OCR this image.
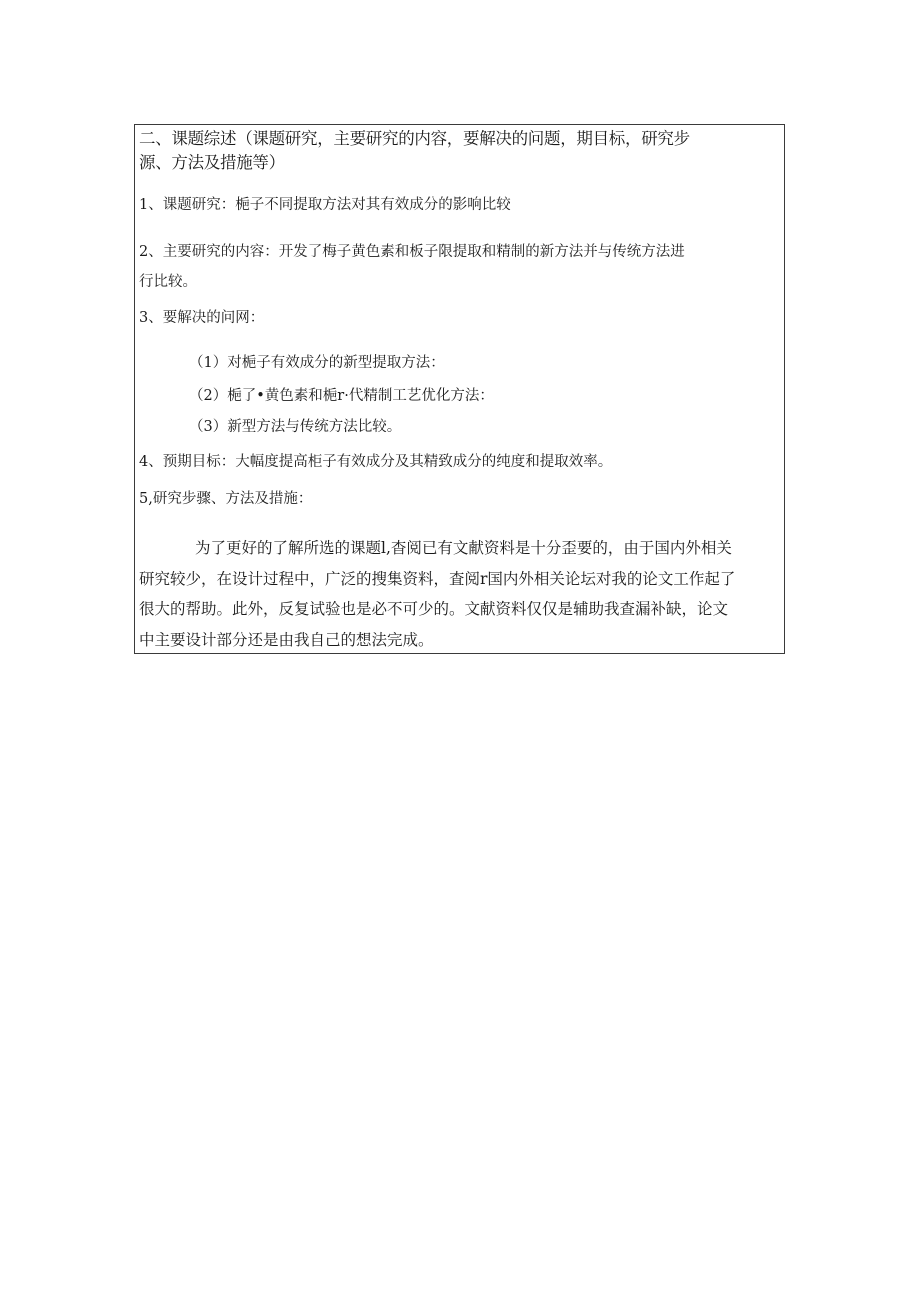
二、课题综述（课题研究，主要研究的内容，要解决的问题，期目标，研究步
源、方法及措施等）
1、课题研究：梔子不同提取方法对其有效成分的影响比较
2、主要研究的内容：开发了梅子黄色素和板子限提取和精制的新方法并与传统方法进
行比较。
3、要解决的问网：
（1）对梔子有效成分的新型提取方法：
（2）梔了•黄色素和梔r·代精制工艺优化方法：
（3）新型方法与传统方法比较。
4、预期目标：大幅度提高柜子有效成分及其精致成分的纯度和提取效率。
5,研究步骤、方法及措施：
为了更好的了解所选的课题l,杳阅已有文献资料是十分歪要的，由于国内外相关
研究较少，在设计过程中，广泛的搜集资料，査阅r国内外相关论坛对我的论文工作起了
很大的帮助。此外，反复试验也是必不可少的。文献资料仅仅是辅助我查漏补缺，论文
中主要设计部分还是由我自己的想法完成。
